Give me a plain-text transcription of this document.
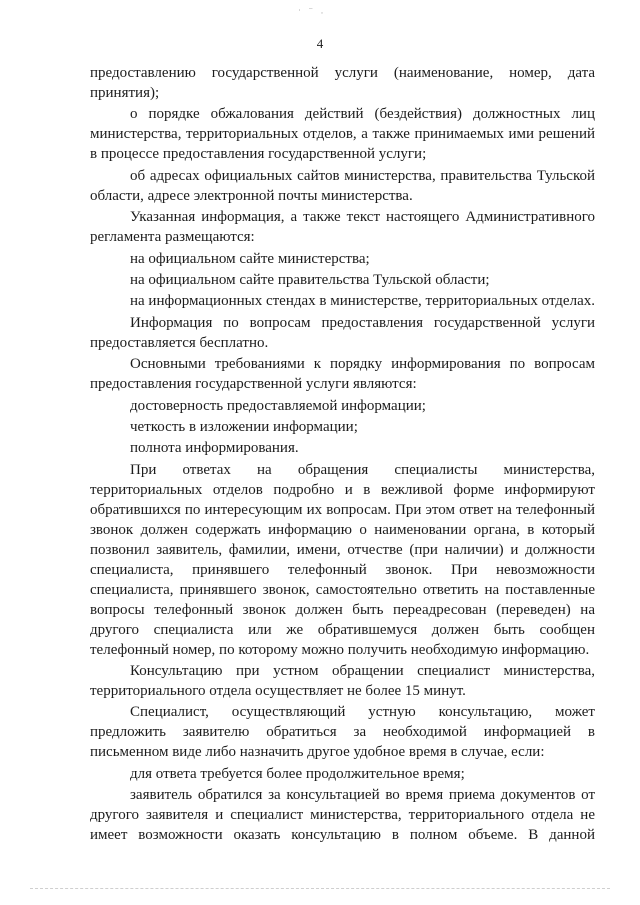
˙ ‾ ·
4

предоставлению государственной услуги (наименование, номер, дата принятия);

о порядке обжалования действий (бездействия) должностных лиц министерства, территориальных отделов, а также принимаемых ими решений в процессе предоставления государственной услуги;

об адресах официальных сайтов министерства, правительства Тульской области, адресе электронной почты министерства.

Указанная информация, а также текст настоящего Административного регламента размещаются:

на официальном сайте министерства;

на официальном сайте правительства Тульской области;

на информационных стендах в министерстве, территориальных отделах.

Информация по вопросам предоставления государственной услуги предоставляется бесплатно.

Основными требованиями к порядку информирования по вопросам предоставления государственной услуги являются:

достоверность предоставляемой информации;

четкость в изложении информации;

полнота информирования.

При ответах на обращения специалисты министерства, территориальных отделов подробно и в вежливой форме информируют обратившихся по интересующим их вопросам. При этом ответ на телефонный звонок должен содержать информацию о наименовании органа, в который позвонил заявитель, фамилии, имени, отчестве (при наличии) и должности специалиста, принявшего телефонный звонок. При невозможности специалиста, принявшего звонок, самостоятельно ответить на поставленные вопросы телефонный звонок должен быть переадресован (переведен) на другого специалиста или же обратившемуся должен быть сообщен телефонный номер, по которому можно получить необходимую информацию.

Консультацию при устном обращении специалист министерства, территориального отдела осуществляет не более 15 минут.

Специалист, осуществляющий устную консультацию, может предложить заявителю обратиться за необходимой информацией в письменном виде либо назначить другое удобное время в случае, если:

для ответа требуется более продолжительное время;

заявитель обратился за консультацией во время приема документов от другого заявителя и специалист министерства, территориального отдела не имеет возможности оказать консультацию в полном объеме. В данной
